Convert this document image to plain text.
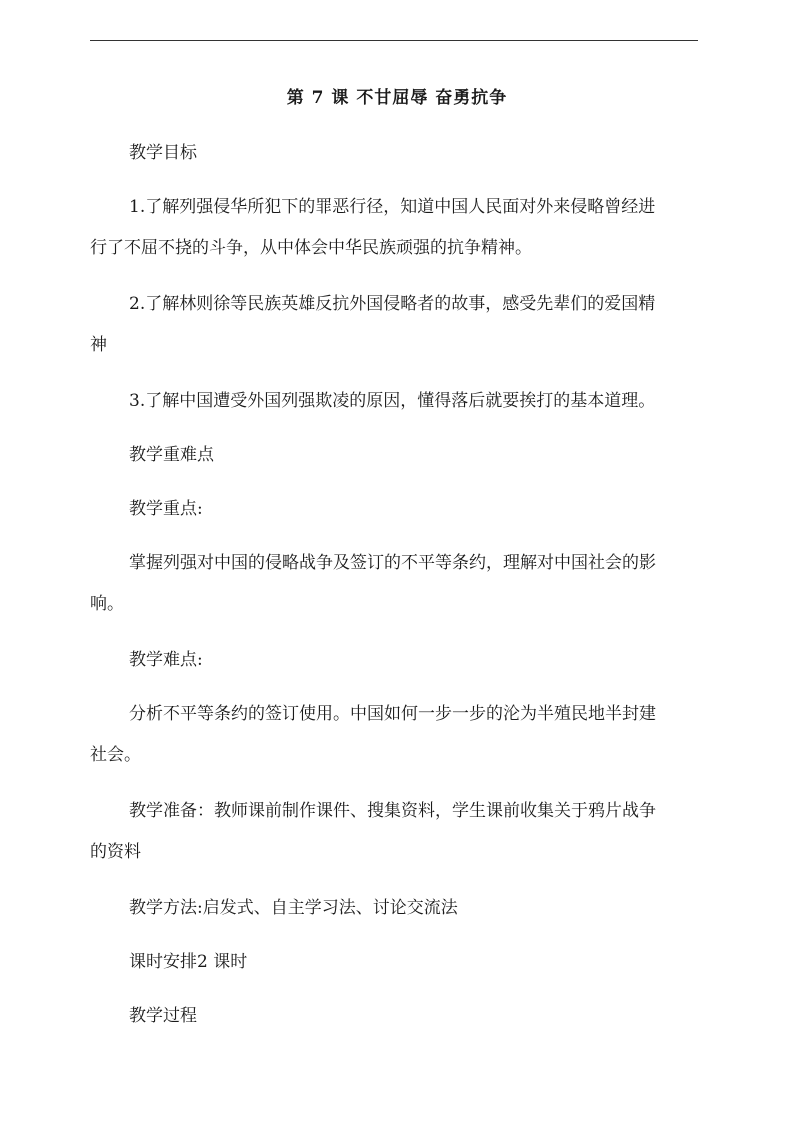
第 7 课 不甘屈辱 奋勇抗争

教学目标

1.了解列强侵华所犯下的罪恶行径，知道中国人民面对外来侵略曾经进

行了不屈不挠的斗争，从中体会中华民族顽强的抗争精神。

2.了解林则徐等民族英雄反抗外国侵略者的故事，感受先辈们的爱国精

神

3.了解中国遭受外国列强欺凌的原因，懂得落后就要挨打的基本道理。

教学重难点

教学重点:

掌握列强对中国的侵略战争及签订的不平等条约，理解对中国社会的影

响。

教学难点:

分析不平等条约的签订使用。中国如何一步一步的沦为半殖民地半封建

社会。

教学准备：教师课前制作课件、搜集资料，学生课前收集关于鸦片战争

的资料

教学方法:启发式、自主学习法、讨论交流法

课时安排2 课时

教学过程
